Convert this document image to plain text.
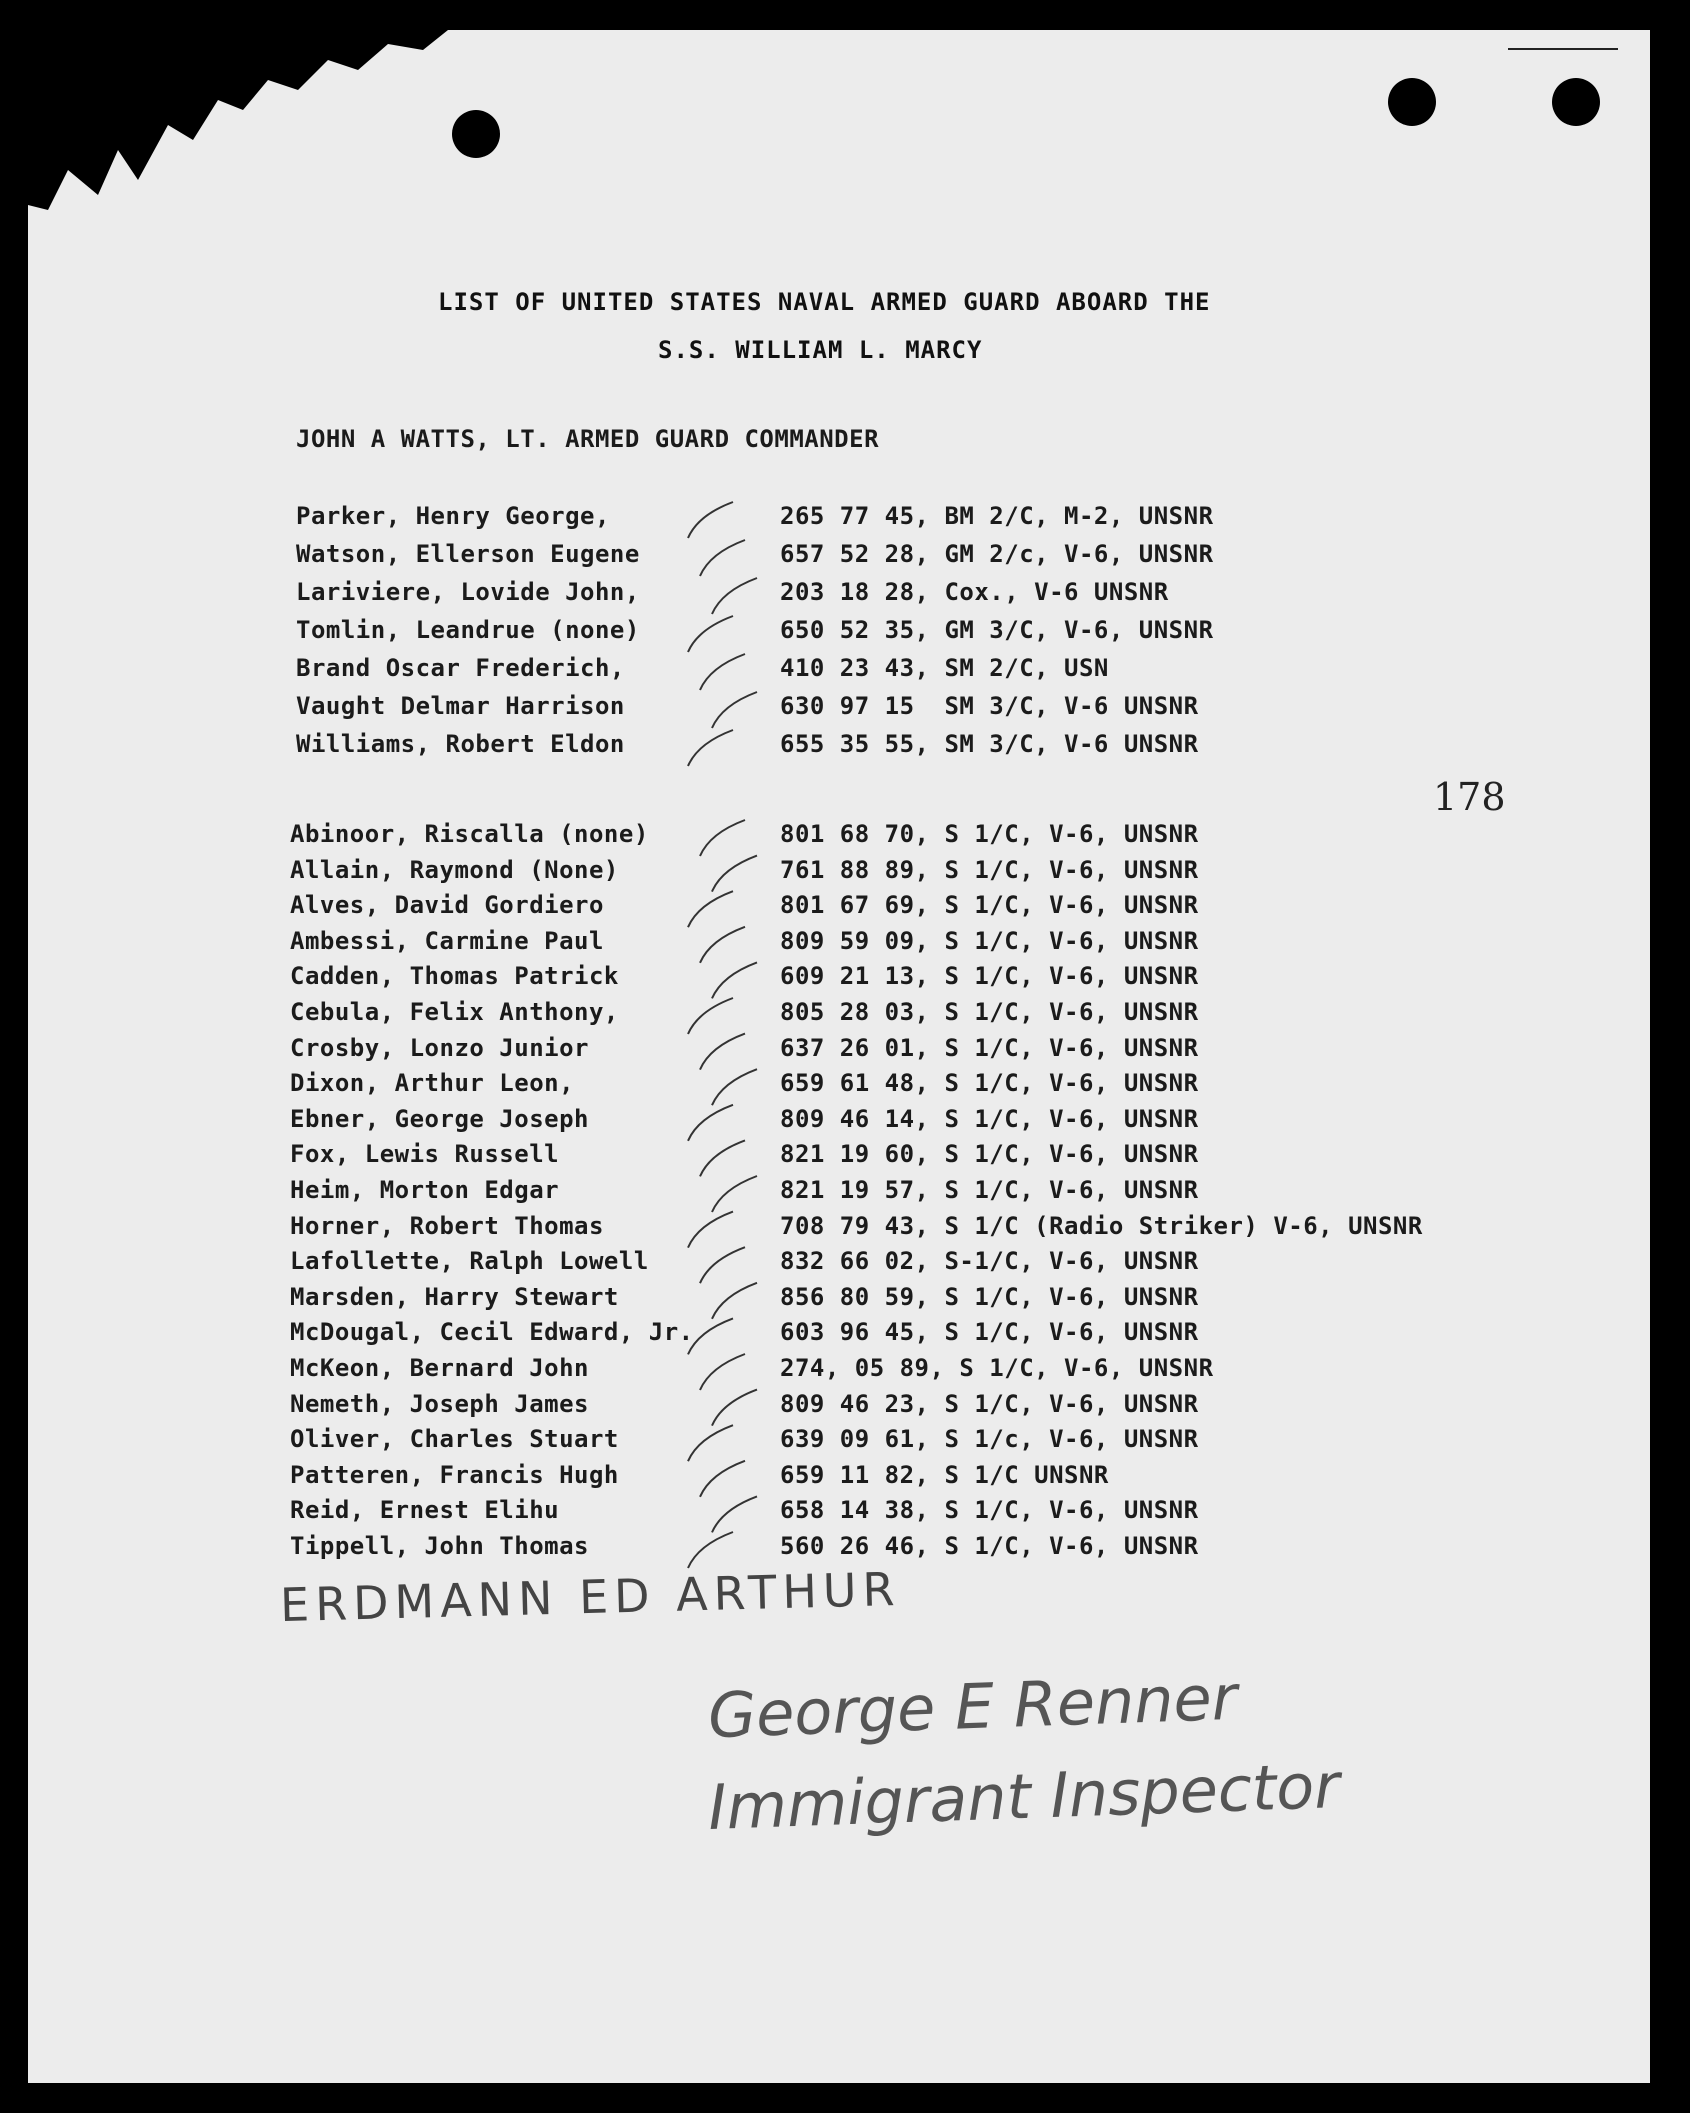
LIST OF UNITED STATES NAVAL ARMED GUARD ABOARD THE
S.S. WILLIAM L. MARCY
JOHN A WATTS, LT. ARMED GUARD COMMANDER
178
Parker, Henry George,	265 77 45, BM 2/C, M-2, UNSNR
Watson, Ellerson Eugene	657 52 28, GM 2/c, V-6, UNSNR
Lariviere, Lovide John,	203 18 28, Cox., V-6 UNSNR
Tomlin, Leandrue (none)	650 52 35, GM 3/C, V-6, UNSNR
Brand Oscar Frederich,	410 23 43, SM 2/C, USN
Vaught Delmar Harrison	630 97 15  SM 3/C, V-6 UNSNR
Williams, Robert Eldon	655 35 55, SM 3/C, V-6 UNSNR
Abinoor, Riscalla (none)	801 68 70, S 1/C, V-6, UNSNR
Allain, Raymond (None)	761 88 89, S 1/C, V-6, UNSNR
Alves, David Gordiero	801 67 69, S 1/C, V-6, UNSNR
Ambessi, Carmine Paul	809 59 09, S 1/C, V-6, UNSNR
Cadden, Thomas Patrick	609 21 13, S 1/C, V-6, UNSNR
Cebula, Felix Anthony,	805 28 03, S 1/C, V-6, UNSNR
Crosby, Lonzo Junior	637 26 01, S 1/C, V-6, UNSNR
Dixon, Arthur Leon,	659 61 48, S 1/C, V-6, UNSNR
Ebner, George Joseph	809 46 14, S 1/C, V-6, UNSNR
Fox, Lewis Russell	821 19 60, S 1/C, V-6, UNSNR
Heim, Morton Edgar	821 19 57, S 1/C, V-6, UNSNR
Horner, Robert Thomas	708 79 43, S 1/C (Radio Striker) V-6, UNSNR
Lafollette, Ralph Lowell	832 66 02, S-1/C, V-6, UNSNR
Marsden, Harry Stewart	856 80 59, S 1/C, V-6, UNSNR
McDougal, Cecil Edward, Jr.	603 96 45, S 1/C, V-6, UNSNR
McKeon, Bernard John	274, 05 89, S 1/C, V-6, UNSNR
Nemeth, Joseph James	809 46 23, S 1/C, V-6, UNSNR
Oliver, Charles Stuart	639 09 61, S 1/c, V-6, UNSNR
Patteren, Francis Hugh	659 11 82, S 1/C UNSNR
Reid, Ernest Elihu	658 14 38, S 1/C, V-6, UNSNR
Tippell, John Thomas	560 26 46, S 1/C, V-6, UNSNR
ERDMANN ED ARTHUR
George E Renner
Immigrant Inspector
